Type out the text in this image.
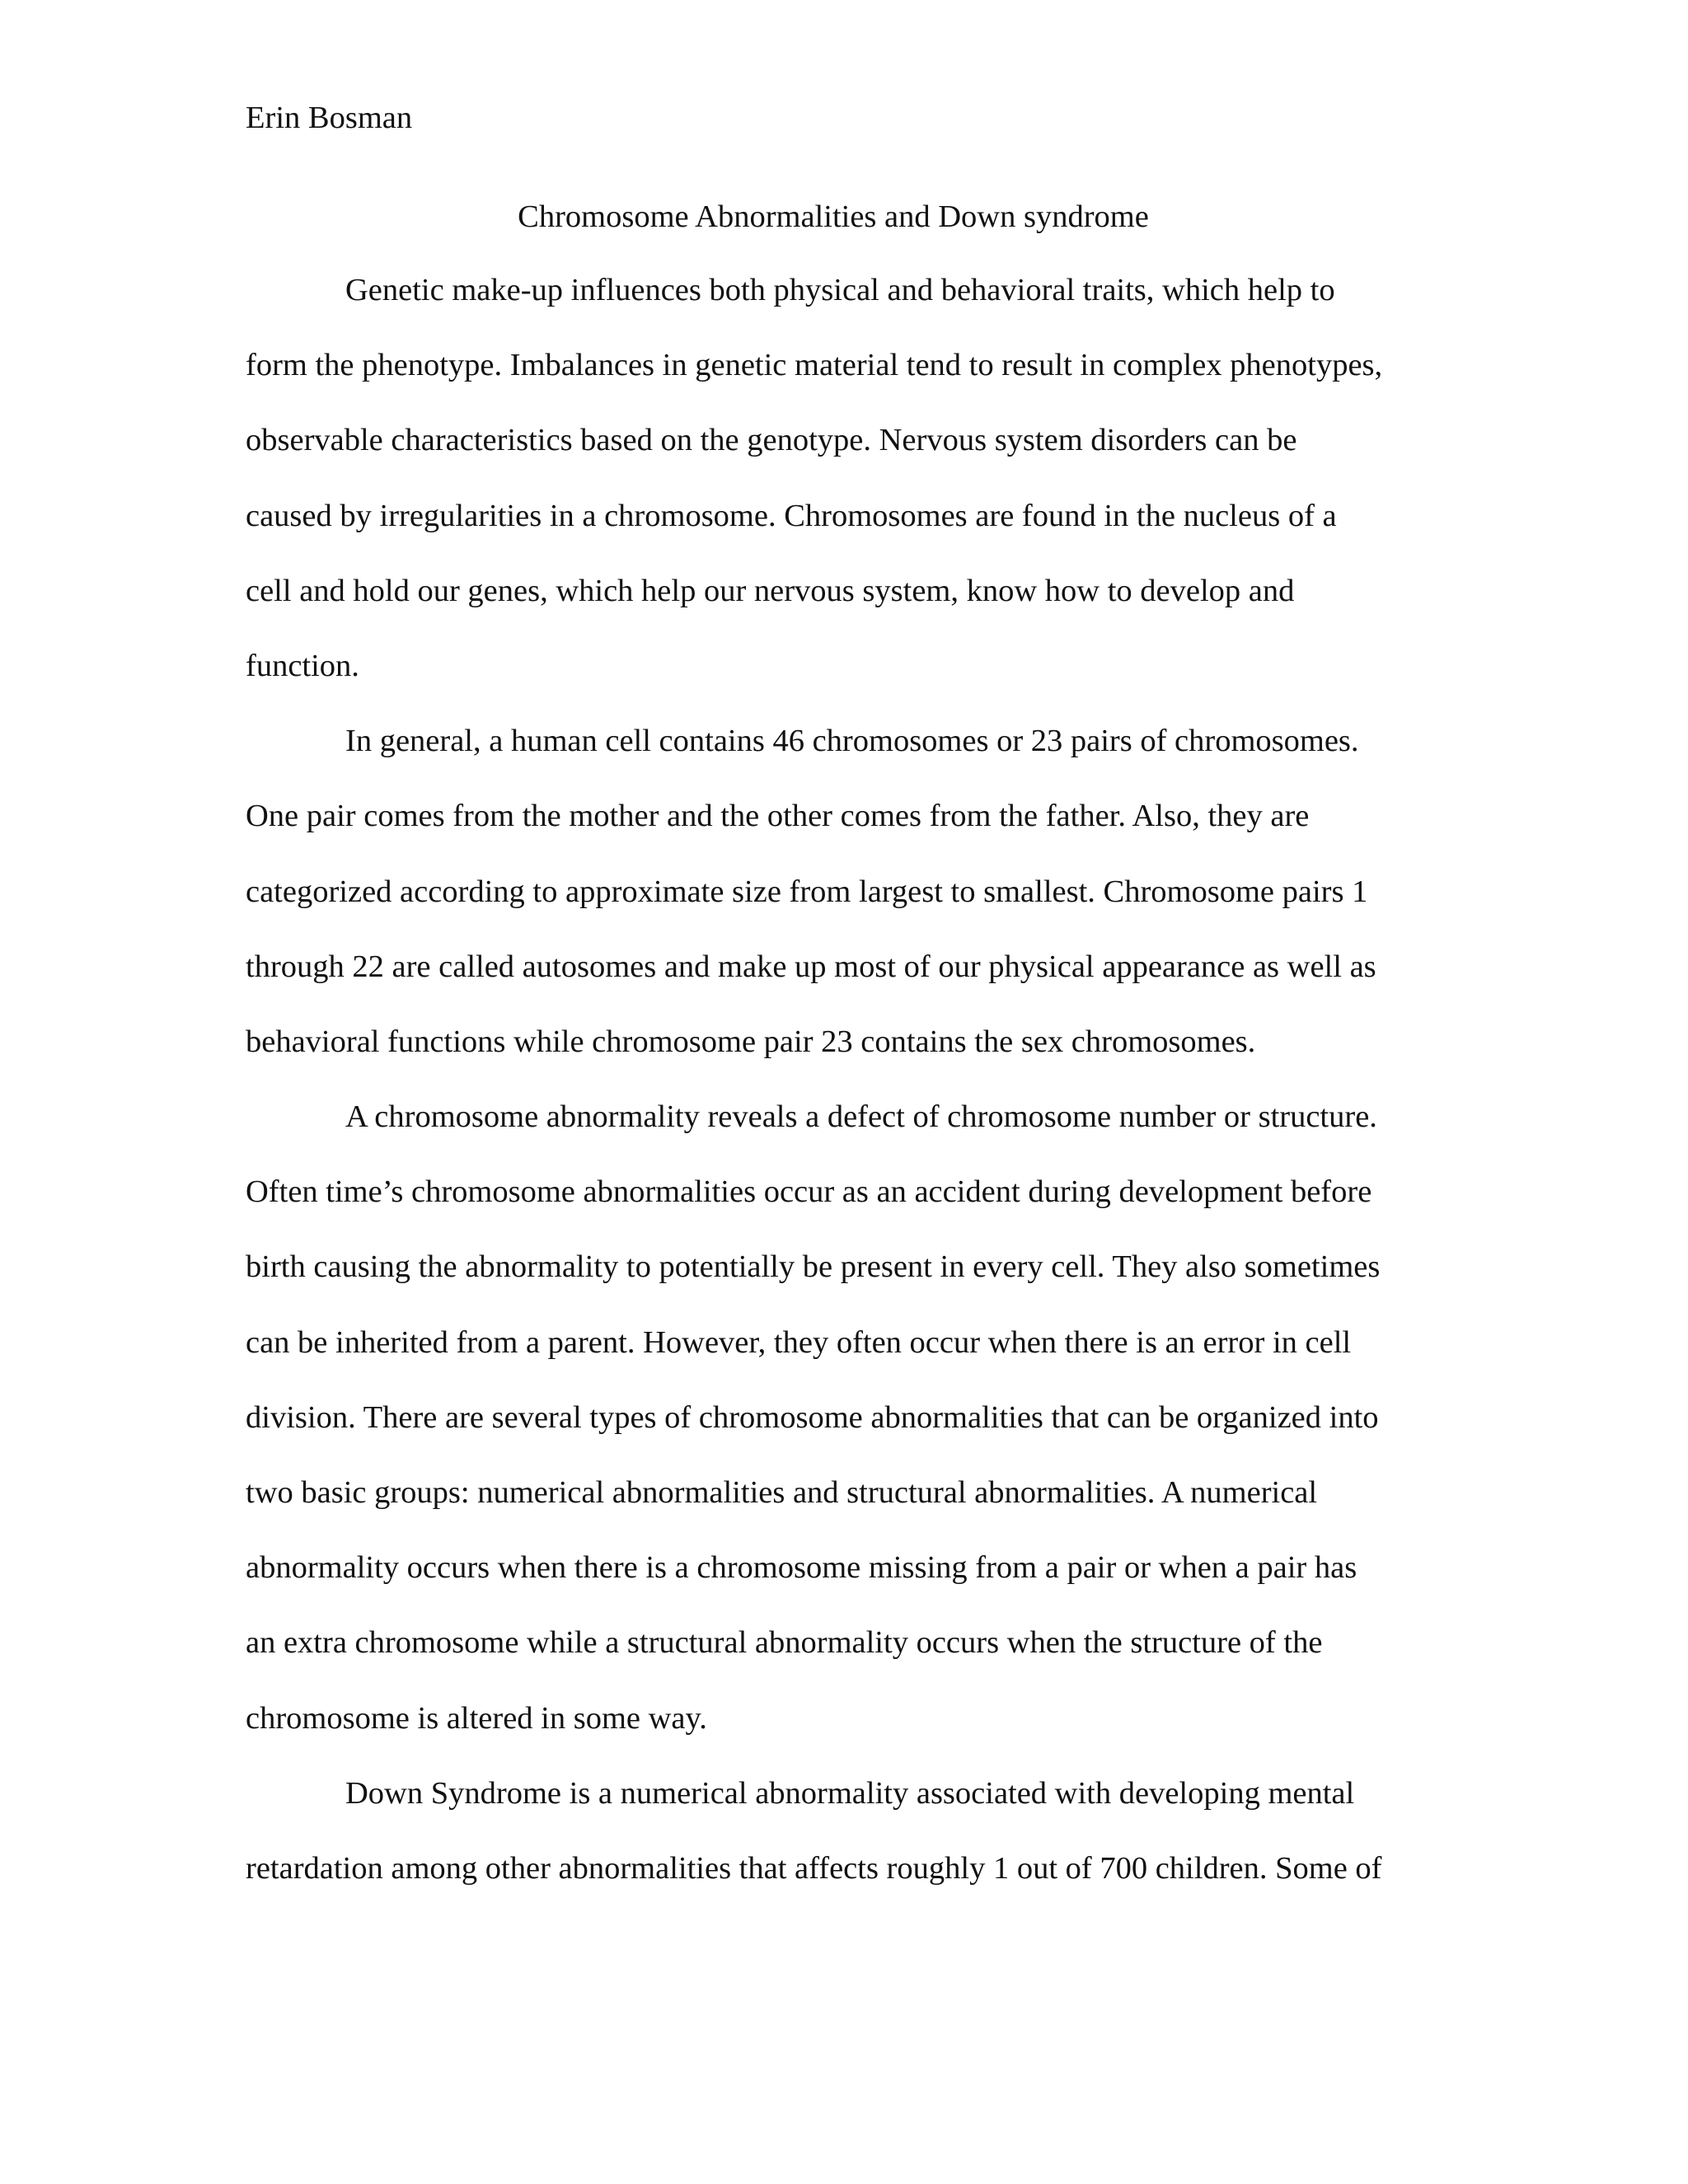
Erin Bosman
Chromosome Abnormalities and Down syndrome
Genetic make-up influences both physical and behavioral traits, which help to
form the phenotype. Imbalances in genetic material tend to result in complex phenotypes,
observable characteristics based on the genotype. Nervous system disorders can be
caused by irregularities in a chromosome. Chromosomes are found in the nucleus of a
cell and hold our genes, which help our nervous system, know how to develop and
function.
In general, a human cell contains 46 chromosomes or 23 pairs of chromosomes.
One pair comes from the mother and the other comes from the father. Also, they are
categorized according to approximate size from largest to smallest. Chromosome pairs 1
through 22 are called autosomes and make up most of our physical appearance as well as
behavioral functions while chromosome pair 23 contains the sex chromosomes.
A chromosome abnormality reveals a defect of chromosome number or structure.
Often time’s chromosome abnormalities occur as an accident during development before
birth causing the abnormality to potentially be present in every cell. They also sometimes
can be inherited from a parent. However, they often occur when there is an error in cell
division. There are several types of chromosome abnormalities that can be organized into
two basic groups: numerical abnormalities and structural abnormalities. A numerical
abnormality occurs when there is a chromosome missing from a pair or when a pair has
an extra chromosome while a structural abnormality occurs when the structure of the
chromosome is altered in some way.
Down Syndrome is a numerical abnormality associated with developing mental
retardation among other abnormalities that affects roughly 1 out of 700 children. Some of
